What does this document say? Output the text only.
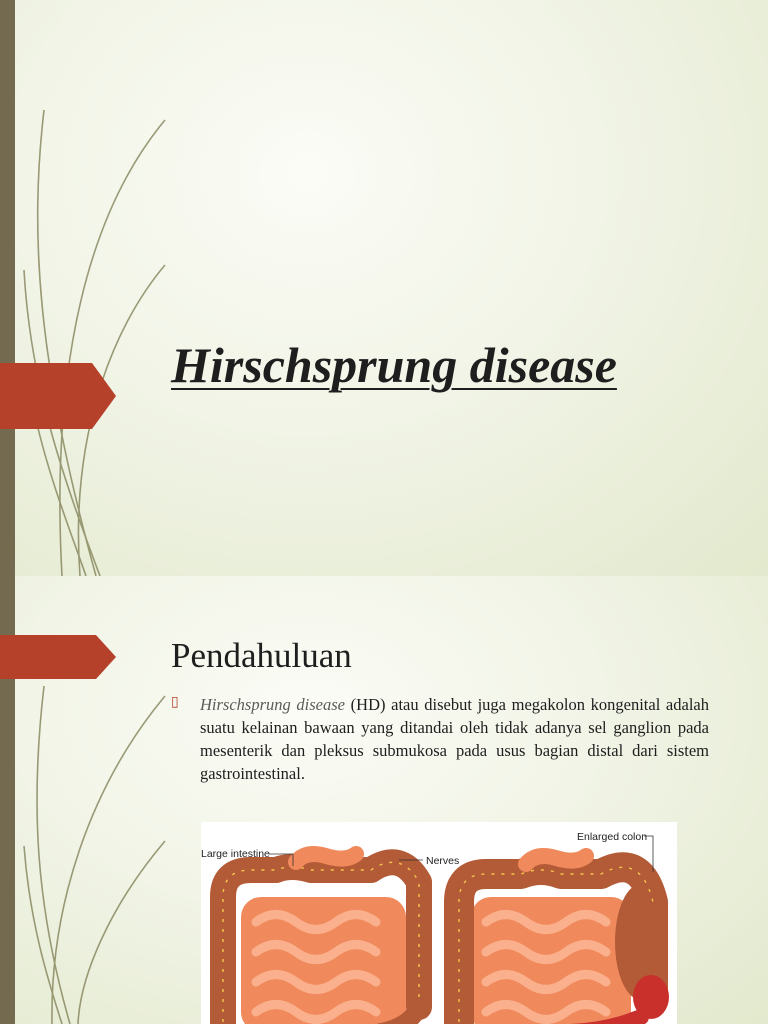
Hirschsprung disease
Pendahuluan
▯ Hirschsprung disease (HD) atau disebut juga megakolon kongenital adalah suatu kelainan bawaan yang ditandai oleh tidak adanya sel ganglion pada mesenterik dan pleksus submukosa pada usus bagian distal dari sistem gastrointestinal.

Large intestine
Nerves
Enlarged colon
